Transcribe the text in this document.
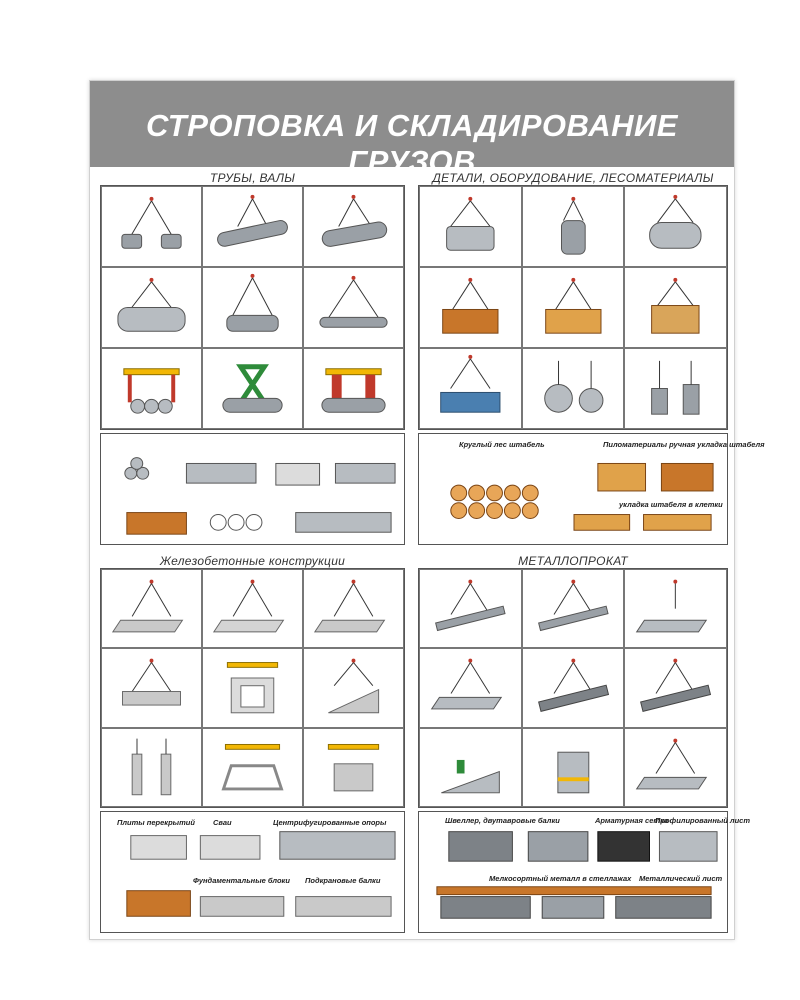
СТРОПОВКА И СКЛАДИРОВАНИЕ ГРУЗОВ
ТРУБЫ, ВАЛЫ	ДЕТАЛИ, ОБОРУДОВАНИЕ, ЛЕСОМАТЕРИАЛЫ
Железобетонные конструкции	МЕТАЛЛОПРОКАТ
Круглый лес штабель	Пиломатериалы ручная укладка штабеля
укладка штабеля в клетки
Плиты перекрытий Сваи	Центрифугированные опоры
Фундаментальные блоки Подкрановые балки
Швеллер, двутавровые балки	Арматурная сетка
Профилированный лист
Мелкосортный металл в стеллажах Металлический лист
